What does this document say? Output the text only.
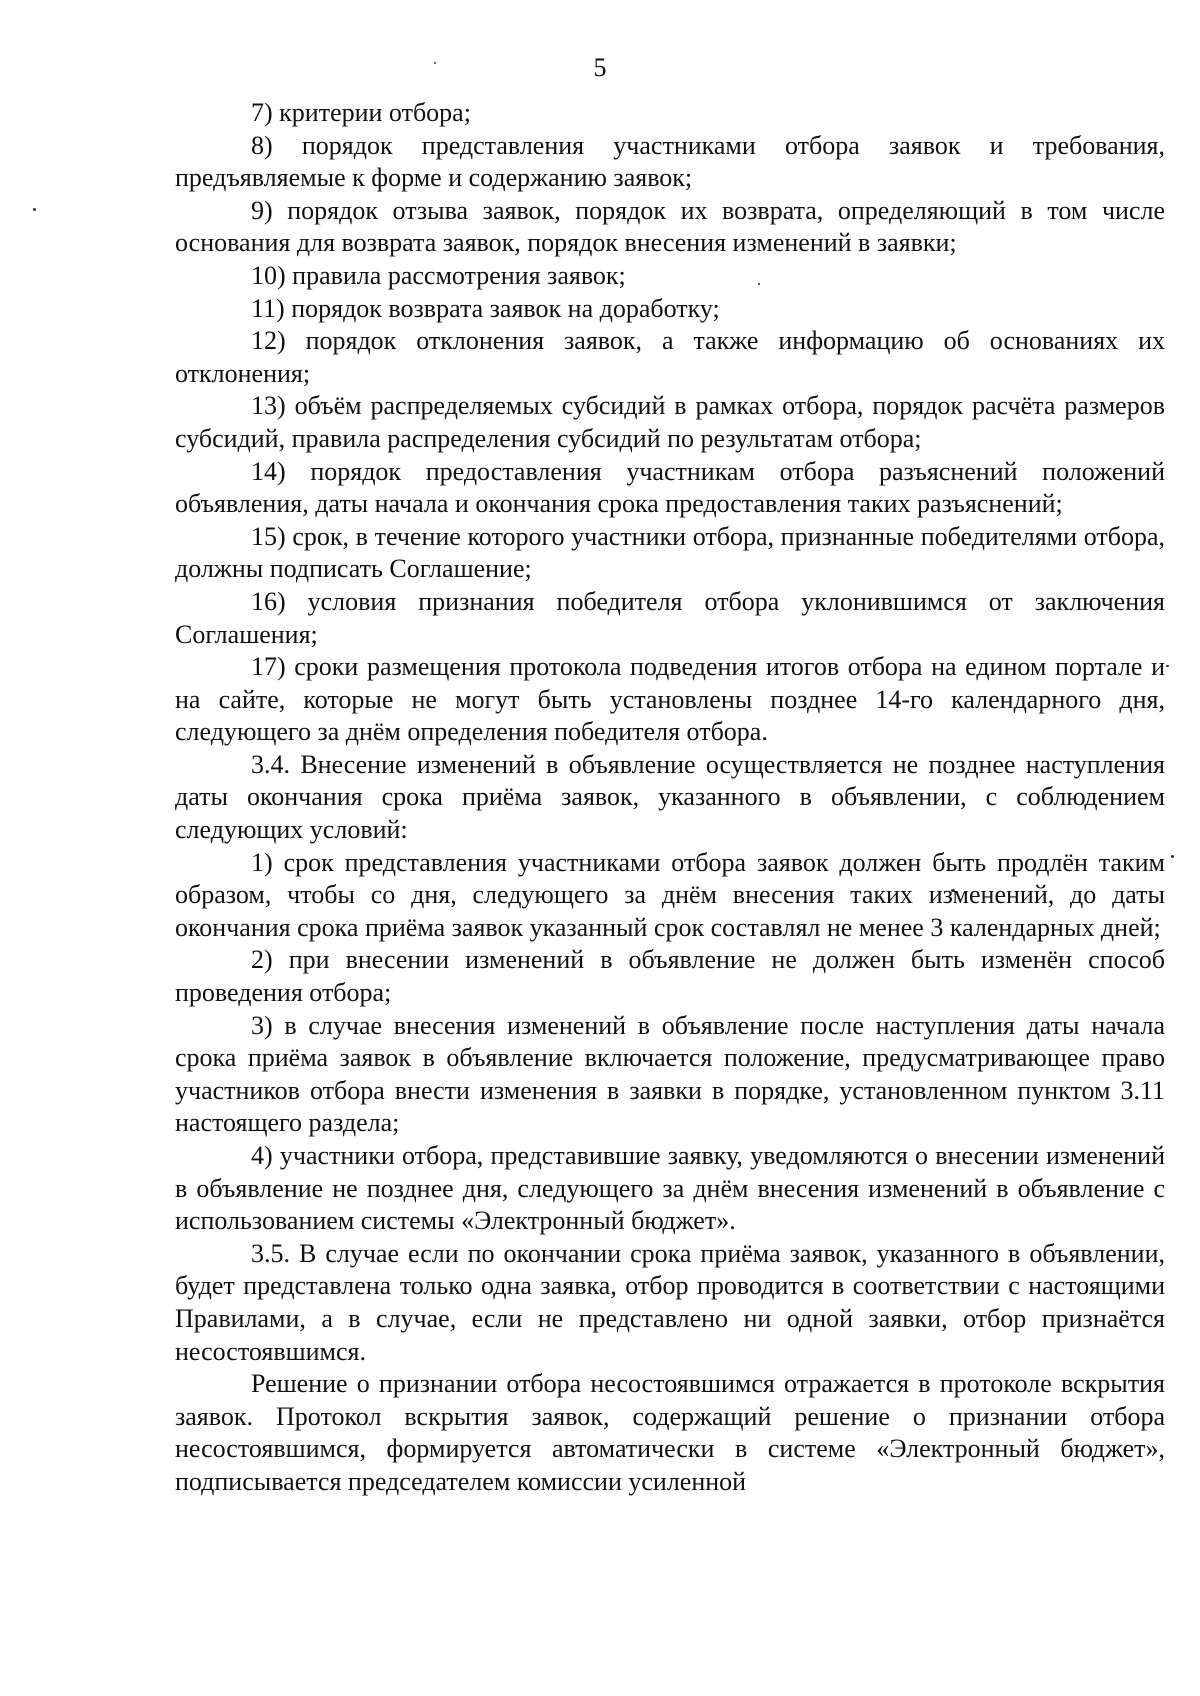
5

7) критерии отбора;

8) порядок представления участниками отбора заявок и требования, предъявляемые к форме и содержанию заявок;

9) порядок отзыва заявок, порядок их возврата, определяющий в том числе основания для возврата заявок, порядок внесения изменений в заявки;

10) правила рассмотрения заявок;

11) порядок возврата заявок на доработку;

12) порядок отклонения заявок, а также информацию об основаниях их отклонения;

13) объём распределяемых субсидий в рамках отбора, порядок расчёта размеров субсидий, правила распределения субсидий по результатам отбора;

14) порядок предоставления участникам отбора разъяснений положений объявления, даты начала и окончания срока предоставления таких разъяснений;

15) срок, в течение которого участники отбора, признанные победителями отбора, должны подписать Соглашение;

16) условия признания победителя отбора уклонившимся от заключения Соглашения;

17) сроки размещения протокола подведения итогов отбора на едином портале и на сайте, которые не могут быть установлены позднее 14-го календарного дня, следующего за днём определения победителя отбора.

3.4. Внесение изменений в объявление осуществляется не позднее наступления даты окончания срока приёма заявок, указанного в объявлении, с соблюдением следующих условий:

1) срок представления участниками отбора заявок должен быть продлён таким образом, чтобы со дня, следующего за днём внесения таких изменений, до даты окончания срока приёма заявок указанный срок составлял не менее 3 календарных дней;

2) при внесении изменений в объявление не должен быть изменён способ проведения отбора;

3) в случае внесения изменений в объявление после наступления даты начала срока приёма заявок в объявление включается положение, предусматривающее право участников отбора внести изменения в заявки в порядке, установленном пунктом 3.11 настоящего раздела;

4) участники отбора, представившие заявку, уведомляются о внесении изменений в объявление не позднее дня, следующего за днём внесения изменений в объявление с использованием системы «Электронный бюджет».

3.5. В случае если по окончании срока приёма заявок, указанного в объявлении, будет представлена только одна заявка, отбор проводится в соответствии с настоящими Правилами, а в случае, если не представлено ни одной заявки, отбор признаётся несостоявшимся.

Решение о признании отбора несостоявшимся отражается в протоколе вскрытия заявок. Протокол вскрытия заявок, содержащий решение о признании отбора несостоявшимся, формируется автоматически в системе «Электронный бюджет», подписывается председателем комиссии усиленной
